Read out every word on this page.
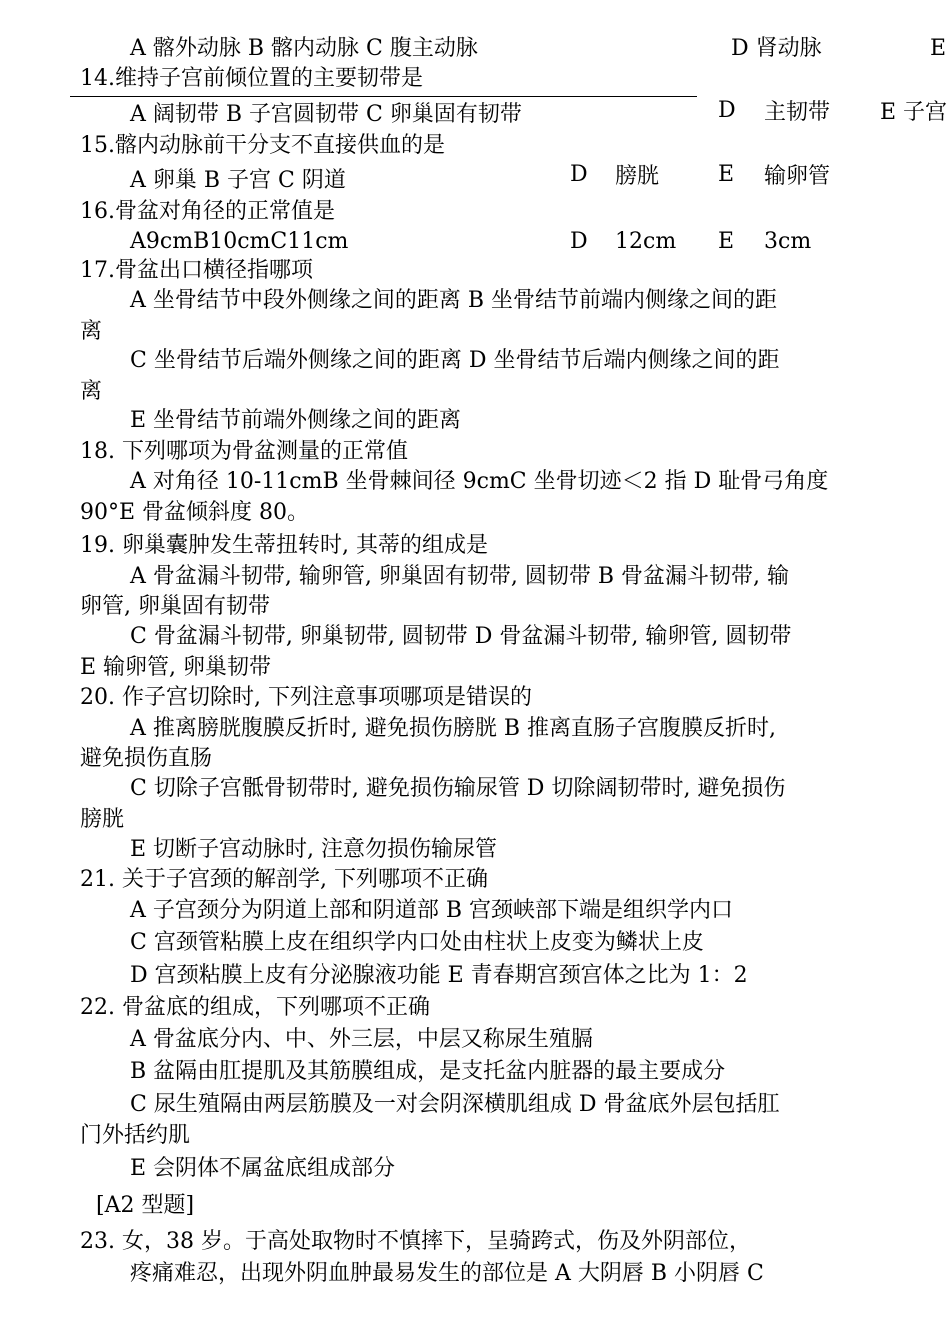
A 髂外动脉 B 髂内动脉 C 腹主动脉	D 肾动脉	E
14.维持子宫前倾位置的主要韧带是
A 阔韧带 B 子宫圆韧带 C 卵巢固有韧带	D 主韧带 E 子宫
15.髂内动脉前干分支不直接供血的是
A 卵巢 B 子宫 C 阴道	D 膀胱	E 输卵管
16.骨盆对角径的正常值是
A9cmB10cmC11cm	D 12cm E 3cm
17.骨盆出口横径指哪项
A 坐骨结节中段外侧缘之间的距离 B 坐骨结节前端内侧缘之间的距
离
C 坐骨结节后端外侧缘之间的距离 D 坐骨结节后端内侧缘之间的距
离
E 坐骨结节前端外侧缘之间的距离
18. 下列哪项为骨盆测量的正常值
A 对角径 10-11cmB 坐骨棘间径 9cmC 坐骨切迹＜2 指 D 耻骨弓角度
90°E 骨盆倾斜度 80。
19. 卵巢囊肿发生蒂扭转时, 其蒂的组成是
A 骨盆漏斗韧带, 输卵管, 卵巢固有韧带, 圆韧带 B 骨盆漏斗韧带, 输
卵管, 卵巢固有韧带
C 骨盆漏斗韧带, 卵巢韧带, 圆韧带 D 骨盆漏斗韧带, 输卵管, 圆韧带
E 输卵管, 卵巢韧带
20. 作子宫切除时, 下列注意事项哪项是错误的
A 推离膀胱腹膜反折时, 避免损伤膀胱 B 推离直肠子宫腹膜反折时,
避免损伤直肠
C 切除子宫骶骨韧带时, 避免损伤输尿管 D 切除阔韧带时, 避免损伤
膀胱
E 切断子宫动脉时, 注意勿损伤输尿管
21. 关于子宫颈的解剖学, 下列哪项不正确
A 子宫颈分为阴道上部和阴道部 B 宫颈峡部下端是组织学内口
C 宫颈管粘膜上皮在组织学内口处由柱状上皮变为鳞状上皮
D 宫颈粘膜上皮有分泌腺液功能 E 青春期宫颈宫体之比为 1：2
22. 骨盆底的组成，下列哪项不正确
A 骨盆底分内、中、外三层，中层又称尿生殖膈
B 盆隔由肛提肌及其筋膜组成，是支托盆内脏器的最主要成分
C 尿生殖隔由两层筋膜及一对会阴深横肌组成 D 骨盆底外层包括肛
门外括约肌
E 会阴体不属盆底组成部分
[A2 型题]
23. 女，38 岁。于高处取物时不慎摔下，呈骑跨式，伤及外阴部位，
疼痛难忍，出现外阴血肿最易发生的部位是 A 大阴唇 B 小阴唇 C
